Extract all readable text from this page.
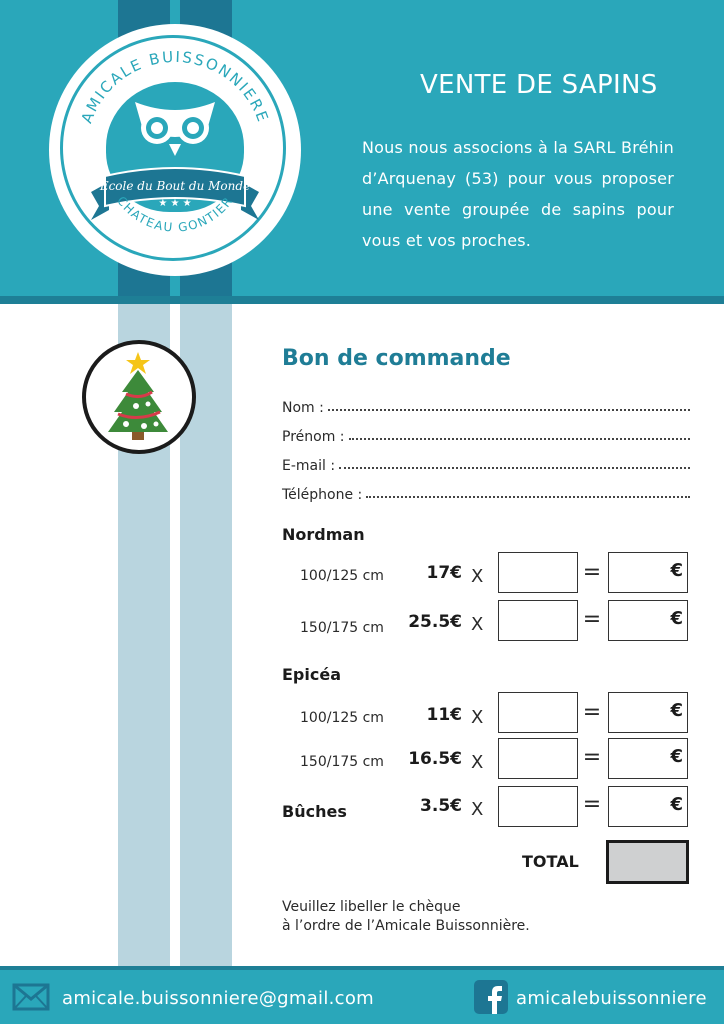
AMICALE BUISSONNIERE
Ecole du Bout du Monde
★ ★ ★
CHATEAU GONTIER
VENTE DE SAPINS
Nous nous associons à la SARL Bréhin d’Arquenay (53) pour vous proposer une vente groupée de sapins pour vous et vos proches.
Bon de commande
Nom :
Prénom :
E-mail :
Téléphone :
Nordman
100/125 cm	17€ X	=	€
150/175 cm	25.5€ X	=	€
Epicéa
100/125 cm	11€ X	=	€
150/175 cm	16.5€ X	=	€
Bûches	3.5€ X	=	€
TOTAL
Veuillez libeller le chèque
à l’ordre de l’Amicale Buissonnière.
amicale.buissonniere@gmail.com	amicalebuissonniere
